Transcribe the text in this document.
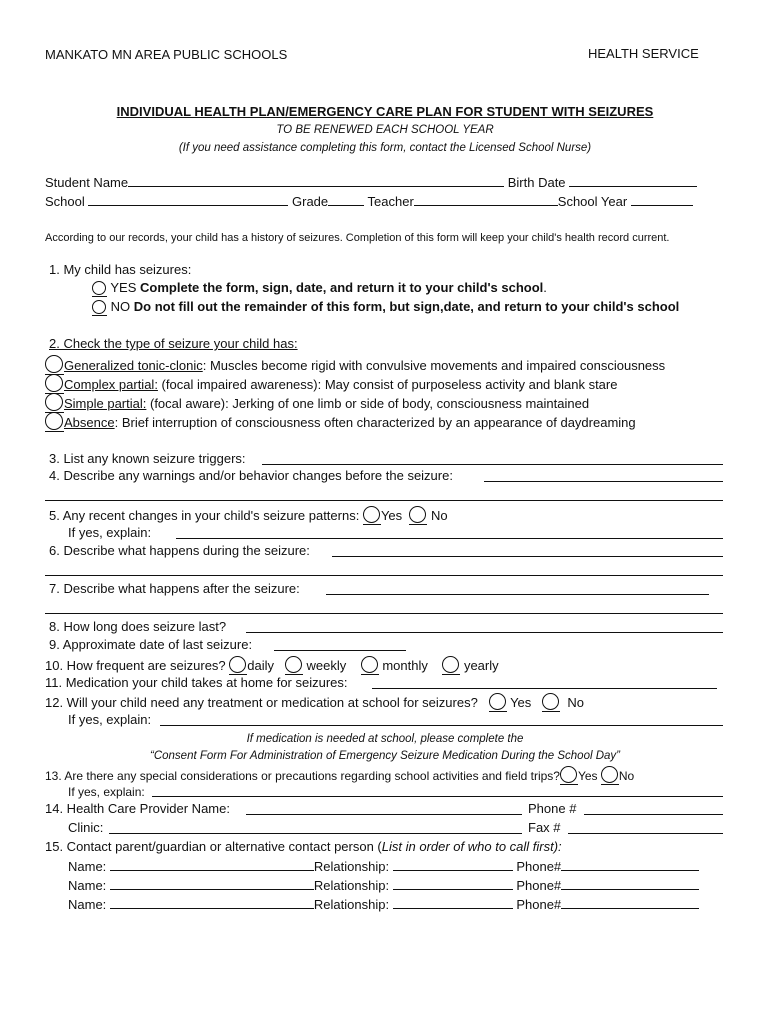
MANKATO MN AREA PUBLIC SCHOOLS	HEALTH SERVICE
INDIVIDUAL HEALTH PLAN/EMERGENCY CARE PLAN FOR STUDENT WITH SEIZURES
TO BE RENEWED EACH SCHOOL YEAR
(If you need assistance completing this form, contact the Licensed School Nurse)
Student Name	Birth Date
School	Grade	Teacher	School Year
According to our records, your child has a history of seizures. Completion of this form will keep your child's health record current.
1. My child has seizures:
YES Complete the form, sign, date, and return it to your child's school.
NO Do not fill out the remainder of this form, but sign,date, and return to your child's school
2. Check the type of seizure your child has:
Generalized tonic-clonic: Muscles become rigid with convulsive movements and impaired consciousness
Complex partial: (focal impaired awareness): May consist of purposeless activity and blank stare
Simple partial: (focal aware): Jerking of one limb or side of body, consciousness maintained
Absence: Brief interruption of consciousness often characterized by an appearance of daydreaming
3. List any known seizure triggers:
4. Describe any warnings and/or behavior changes before the seizure:
5. Any recent changes in your child's seizure patterns: Yes No
If yes, explain:
6. Describe what happens during the seizure:
7. Describe what happens after the seizure:
8. How long does seizure last?
9. Approximate date of last seizure:
10. How frequent are seizures? daily weekly	monthly	yearly
11. Medication your child takes at home for seizures:
12. Will your child need any treatment or medication at school for seizures? Yes	No
If yes, explain:
If medication is needed at school, please complete the
“Consent Form For Administration of Emergency Seizure Medication During the School Day”
13. Are there any special considerations or precautions regarding school activities and field trips? Yes No
If yes, explain:
14. Health Care Provider Name:	Phone #
Clinic:	Fax #
15. Contact parent/guardian or alternative contact person (List in order of who to call first):
Name:	Relationship:	Phone#
Name:	Relationship:	Phone#
Name:	Relationship:	Phone#
